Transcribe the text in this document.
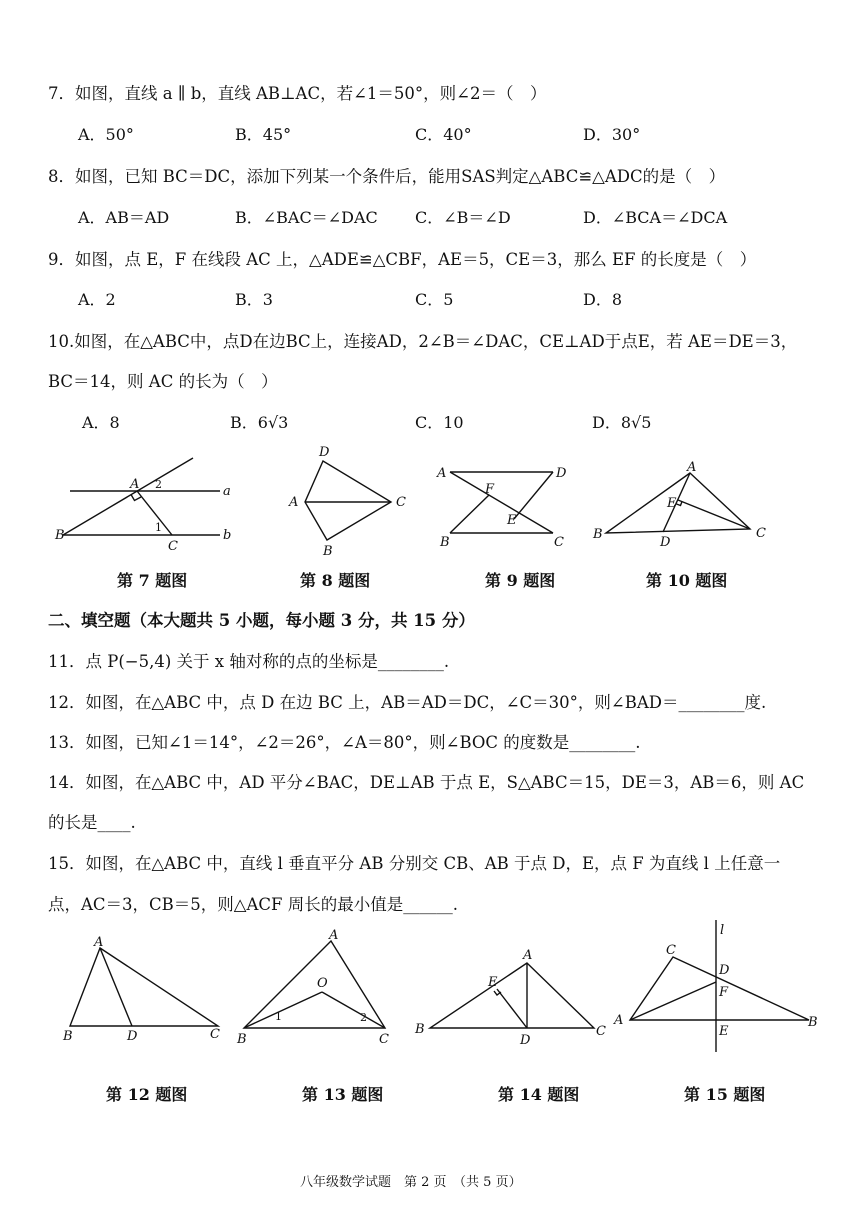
7．如图，直线 a ∥ b，直线 AB⊥AC，若∠1＝50°，则∠2＝（　）
A．50°	B．45°	C．40°	D．30°
8．如图，已知 BC＝DC，添加下列某一个条件后，能用SAS判定△ABC≌△ADC的是（　）
A．AB＝AD	B．∠BAC＝∠DAC C．∠B＝∠D	D．∠BCA＝∠DCA
9．如图，点 E，F 在线段 AC 上，△ADE≌△CBF，AE＝5，CE＝3，那么 EF 的长度是（　）
A．2	B．3	C．5	D．8
10.如图，在△ABC中，点D在边BC上，连接AD，2∠B＝∠DAC，CE⊥AD于点E，若 AE＝DE＝3，
BC＝14，则 AC 的长为（　）
A．8	B．6√3	C．10	D．8√5
A 2	a
1
B
C
b
D
A	C
B
A	D
F
E
B	C
A
E
B
D
C
第 7 题图	第 8 题图	第 9 题图	第 10 题图
二、填空题（本大题共 5 小题，每小题 3 分，共 15 分）
11．点 P(−5,4) 关于 x 轴对称的点的坐标是________.
12．如图，在△ABC 中，点 D 在边 BC 上，AB＝AD＝DC，∠C＝30°，则∠BAD＝________度.
13．如图，已知∠1＝14°，∠2＝26°，∠A＝80°，则∠BOC 的度数是________.
14．如图，在△ABC 中，AD 平分∠BAC，DE⊥AB 于点 E，S△ABC＝15，DE＝3，AB＝6，则 AC
的长是____.
15．如图，在△ABC 中，直线 l 垂直平分 AB 分别交 CB、AB 于点 D，E，点 F 为直线 l 上任意一
点，AC＝3，CB＝5，则△ACF 周长的最小值是______.
A
B	D	C
A
O
1	2
B	C
A
E
B
D
C
l
C
D
F
A
E
B
第 12 题图	第 13 题图	第 14 题图	第 15 题图
八年级数学试题　第 2 页　（共 5 页）
